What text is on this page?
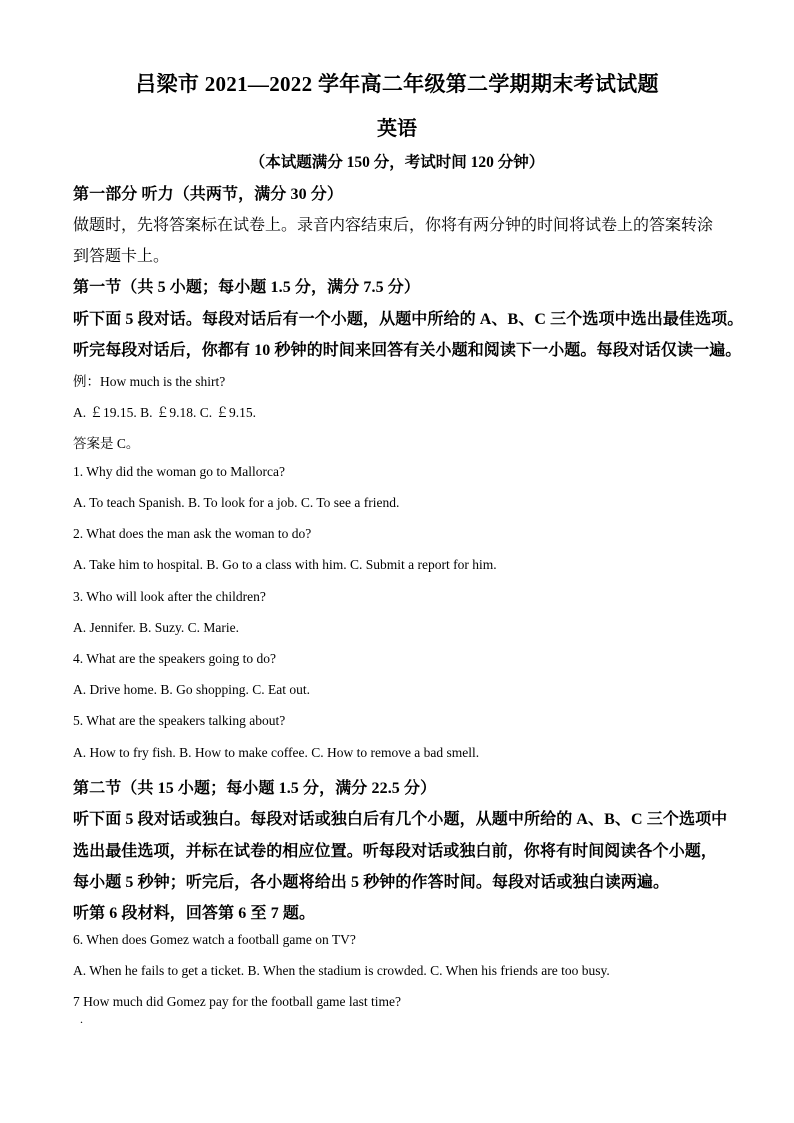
吕梁市 2021—2022 学年高二年级第二学期期末考试试题
英语
（本试题满分 150 分，考试时间 120 分钟）
第一部分 听力（共两节，满分 30 分）
做题时，先将答案标在试卷上。录音内容结束后，你将有两分钟的时间将试卷上的答案转涂
到答题卡上。
第一节（共 5 小题；每小题 1.5 分，满分 7.5 分）
听下面 5 段对话。每段对话后有一个小题，从题中所给的 A、B、C 三个选项中选出最佳选项。
听完每段对话后，你都有 10 秒钟的时间来回答有关小题和阅读下一小题。每段对话仅读一遍。
例：How much is the shirt?
A. ￡19.15. B. ￡9.18. C. ￡9.15.
答案是 C。
1. Why did the woman go to Mallorca?
A. To teach Spanish. B. To look for a job. C. To see a friend.
2. What does the man ask the woman to do?
A. Take him to hospital. B. Go to a class with him. C. Submit a report for him.
3. Who will look after the children?
A. Jennifer. B. Suzy. C. Marie.
4. What are the speakers going to do?
A. Drive home. B. Go shopping. C. Eat out.
5. What are the speakers talking about?
A. How to fry fish. B. How to make coffee. C. How to remove a bad smell.
第二节（共 15 小题；每小题 1.5 分，满分 22.5 分）
听下面 5 段对话或独白。每段对话或独白后有几个小题，从题中所给的 A、B、C 三个选项中
选出最佳选项，并标在试卷的相应位置。听每段对话或独白前，你将有时间阅读各个小题，
每小题 5 秒钟；听完后，各小题将给出 5 秒钟的作答时间。每段对话或独白读两遍。
听第 6 段材料，回答第 6 至 7 题。
6. When does Gomez watch a football game on TV?
A. When he fails to get a ticket. B. When the stadium is crowded. C. When his friends are too busy.
7 How much did Gomez pay for the football game last time?
.
